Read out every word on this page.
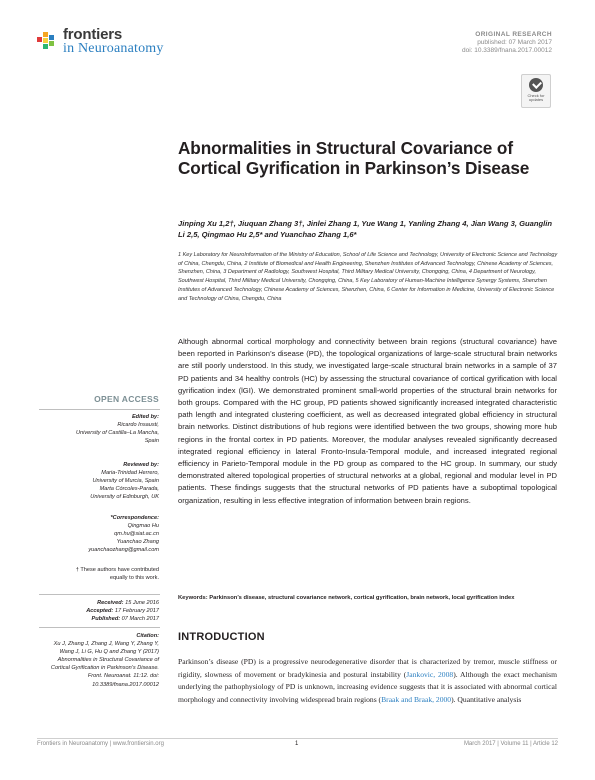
frontiers
in Neuroanatomy
ORIGINAL RESEARCH
published: 07 March 2017
doi: 10.3389/fnana.2017.00012
Check for
updates
Abnormalities in Structural Covariance of Cortical Gyrification in Parkinson’s Disease
Jinping Xu 1,2†, Jiuquan Zhang 3†, Jinlei Zhang 1, Yue Wang 1, Yanling Zhang 4, Jian Wang 3, Guanglin Li 2,5, Qingmao Hu 2,5* and Yuanchao Zhang 1,6*
1 Key Laboratory for NeuroInformation of the Ministry of Education, School of Life Science and Technology, University of Electronic Science and Technology of China, Chengdu, China, 2 Institute of Biomedical and Health Engineering, Shenzhen Institutes of Advanced Technology, Chinese Academy of Sciences, Shenzhen, China, 3 Department of Radiology, Southwest Hospital, Third Military Medical University, Chongqing, China, 4 Department of Neurology, Southwest Hospital, Third Military Medical University, Chongqing, China, 5 Key Laboratory of Human-Machine Intelligence Synergy Systems, Shenzhen Institutes of Advanced Technology, Chinese Academy of Sciences, Shenzhen, China, 6 Center for Information in Medicine, University of Electronic Science and Technology of China, Chengdu, China
Although abnormal cortical morphology and connectivity between brain regions (structural covariance) have been reported in Parkinson’s disease (PD), the topological organizations of large-scale structural brain networks are still poorly understood. In this study, we investigated large-scale structural brain networks in a sample of 37 PD patients and 34 healthy controls (HC) by assessing the structural covariance of cortical gyrification with local gyrification index (lGI). We demonstrated prominent small-world properties of the structural brain networks for both groups. Compared with the HC group, PD patients showed significantly increased integrated characteristic path length and integrated clustering coefficient, as well as decreased integrated global efficiency in structural brain networks. Distinct distributions of hub regions were identified between the two groups, showing more hub regions in the frontal cortex in PD patients. Moreover, the modular analyses revealed significantly decreased integrated regional efficiency in lateral Fronto-Insula-Temporal module, and increased integrated regional efficiency in Parieto-Temporal module in the PD group as compared to the HC group. In summary, our study demonstrated altered topological properties of structural networks at a global, regional and modular level in PD patients. These findings suggests that the structural networks of PD patients have a suboptimal topological organization, resulting in less effective integration of information between brain regions.
Keywords: Parkinson’s disease, structural covariance network, cortical gyrification, brain network, local gyrification index
OPEN ACCESS
Edited by:
Ricardo Insausti,
University of Castilla–La Mancha,
Spain
Reviewed by:
Maria-Trinidad Herrero,
University of Murcia, Spain
Marta Córcoles-Parada,
University of Edinburgh, UK
*Correspondence:
Qingmao Hu
qm.hu@siat.ac.cn
Yuanchao Zhang
yuanchaozhang@gmail.com
† These authors have contributed equally to this work.
Received: 15 June 2016
Accepted: 17 February 2017
Published: 07 March 2017
Citation:
Xu J, Zhang J, Zhang J, Wang Y, Zhang Y, Wang J, Li G, Hu Q and Zhang Y (2017) Abnormalities in Structural Covariance of Cortical Gyrification in Parkinson’s Disease. Front. Neuroanat. 11:12. doi: 10.3389/fnana.2017.00012
INTRODUCTION
Parkinson’s disease (PD) is a progressive neurodegenerative disorder that is characterized by tremor, muscle stiffness or rigidity, slowness of movement or bradykinesia and postural instability (Jankovic, 2008). Although the exact mechanism underlying the pathophysiology of PD is unknown, increasing evidence suggests that it is associated with abnormal cortical morphology and connectivity involving widespread brain regions (Braak and Braak, 2000). Quantitative analysis
Frontiers in Neuroanatomy | www.frontiersin.org	1	March 2017 | Volume 11 | Article 12
